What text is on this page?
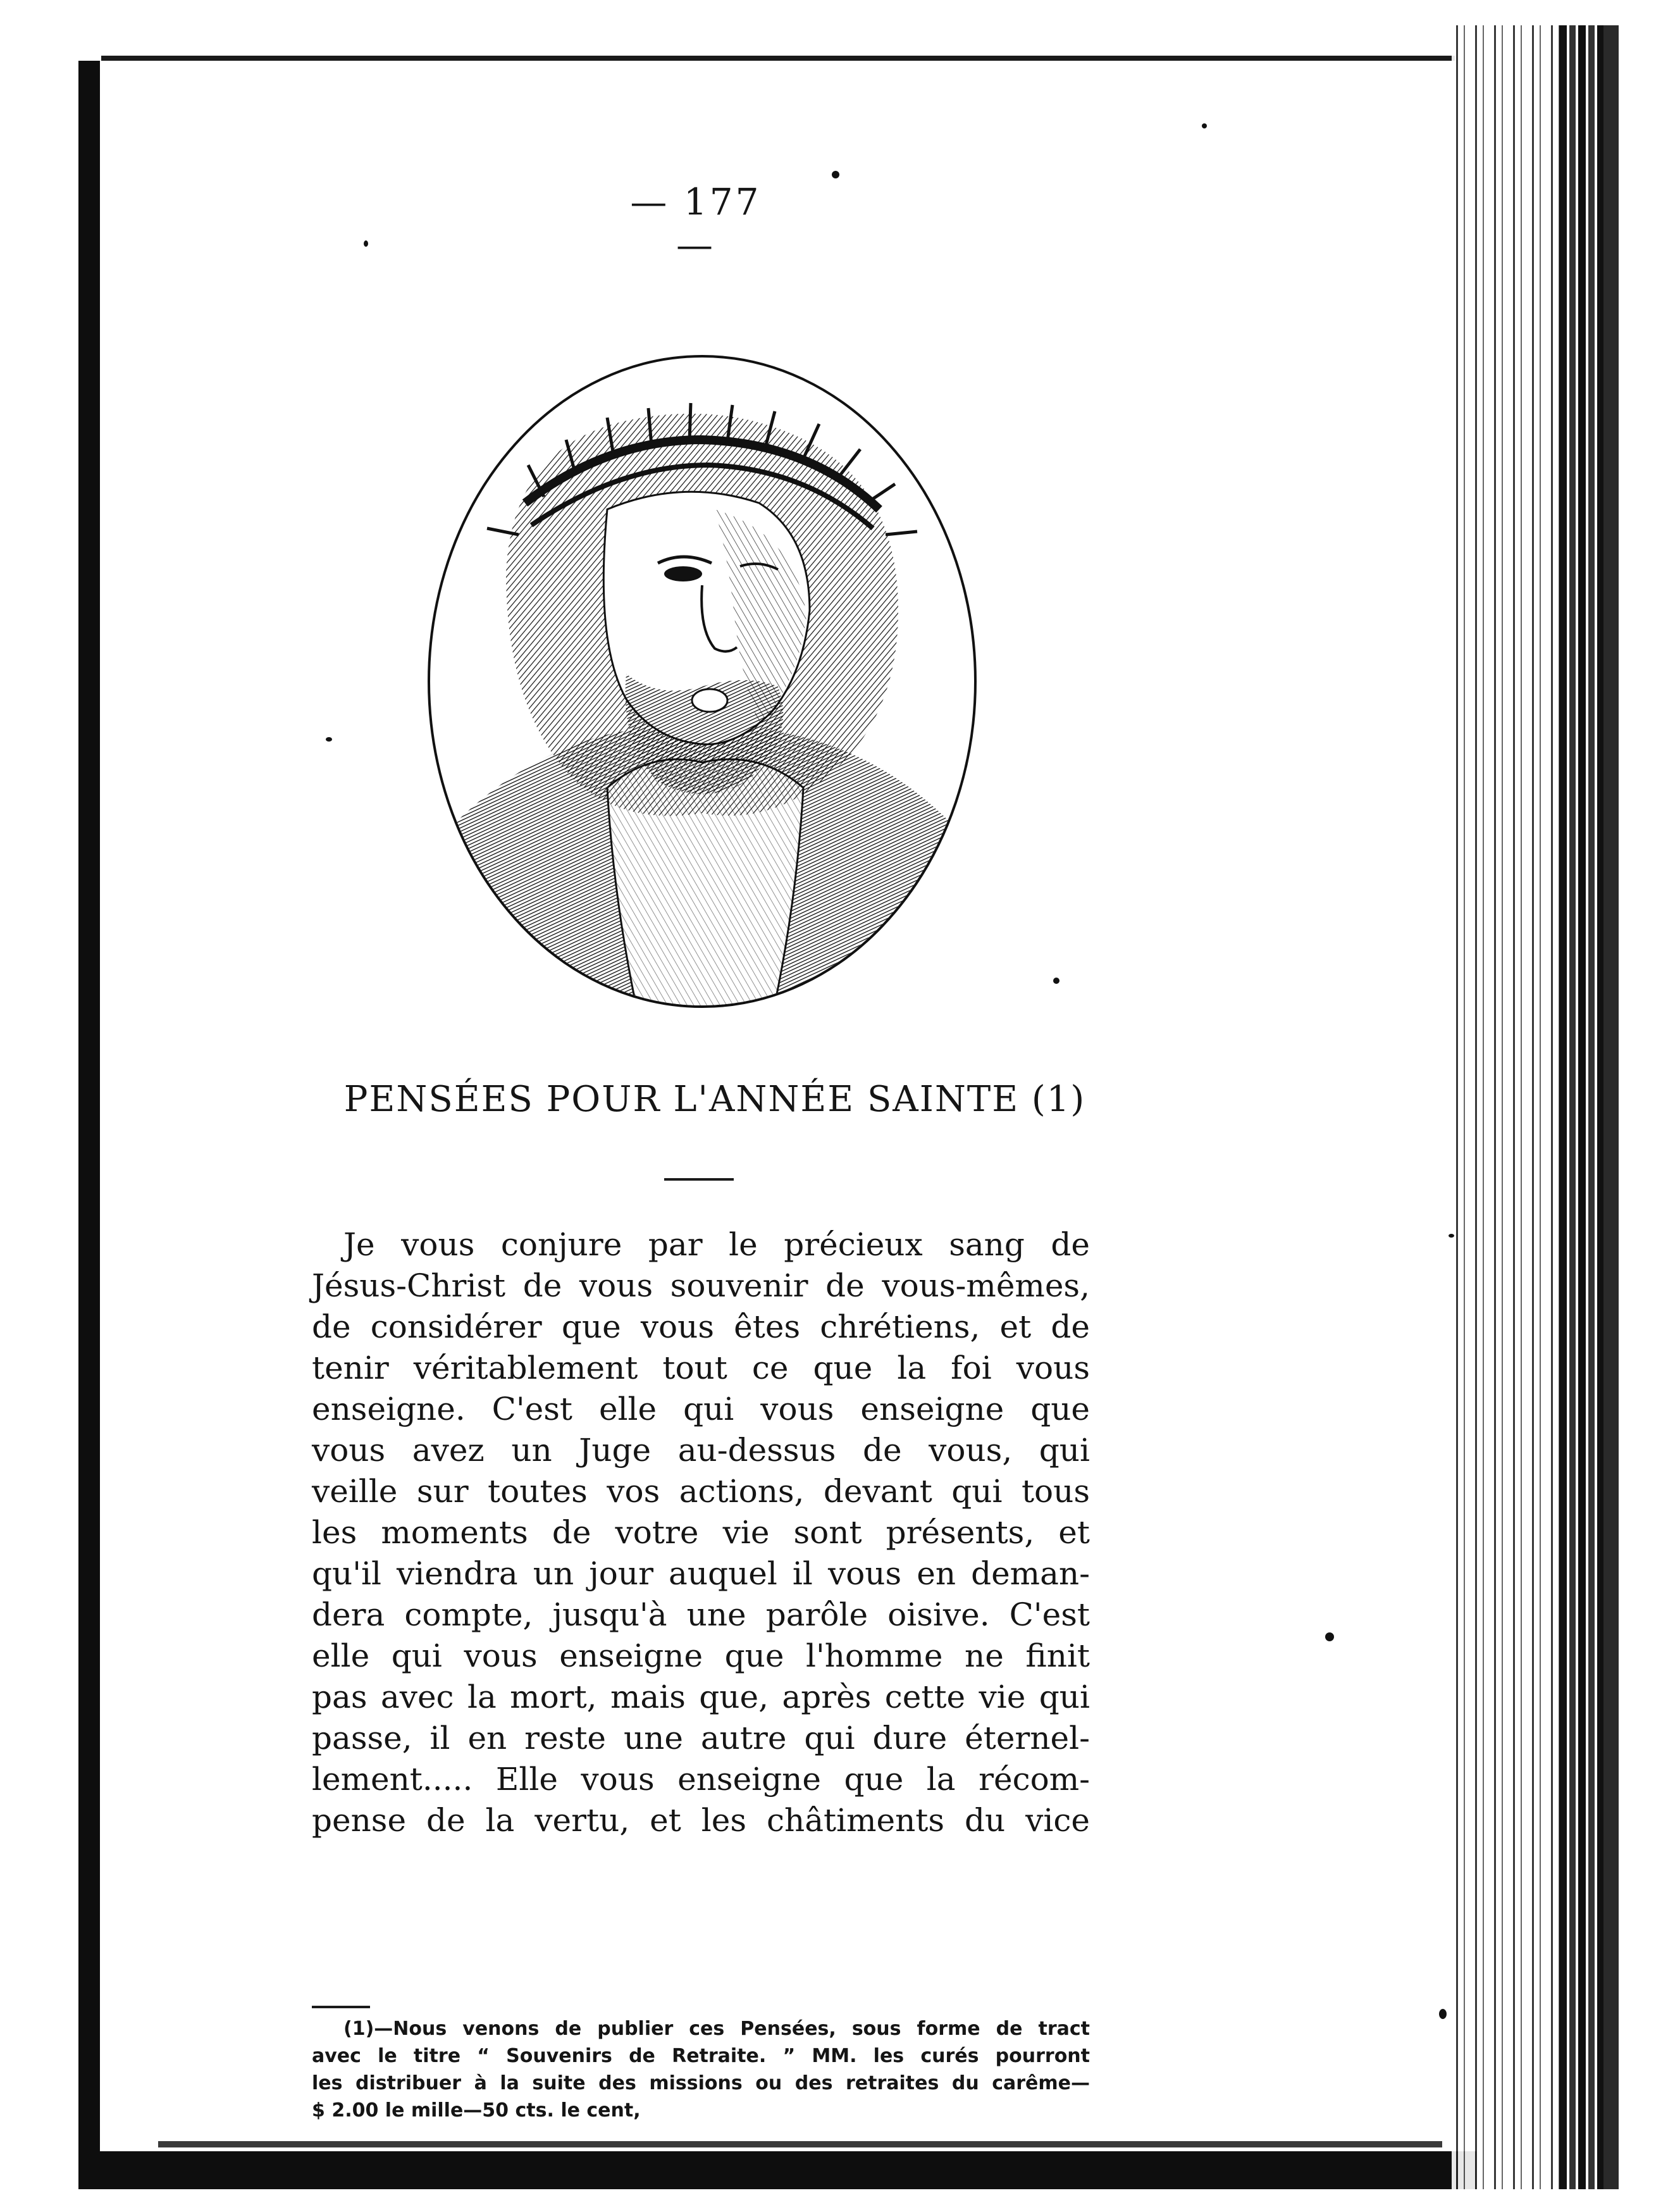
— 177 —
PENSÉES POUR L'ANNÉE SAINTE (1)
Je vous conjure par le précieux sang de
Jésus-Christ de vous souvenir de vous-mêmes,
de considérer que vous êtes chrétiens, et de
tenir véritablement tout ce que la foi vous
enseigne. C'est elle qui vous enseigne que
vous avez un Juge au-dessus de vous, qui
veille sur toutes vos actions, devant qui tous
les moments de votre vie sont présents, et
qu'il viendra un jour auquel il vous en deman-
dera compte, jusqu'à une parôle oisive. C'est
elle qui vous enseigne que l'homme ne finit
pas avec la mort, mais que, après cette vie qui
passe, il en reste une autre qui dure éternel-
lement..... Elle vous enseigne que la récom-
pense de la vertu, et les châtiments du vice
(1)—Nous venons de publier ces Pensées, sous forme de tract
avec le titre “ Souvenirs de Retraite. ” MM. les curés pourront
les distribuer à la suite des missions ou des retraites du carême—
$ 2.00 le mille—50 cts. le cent,
